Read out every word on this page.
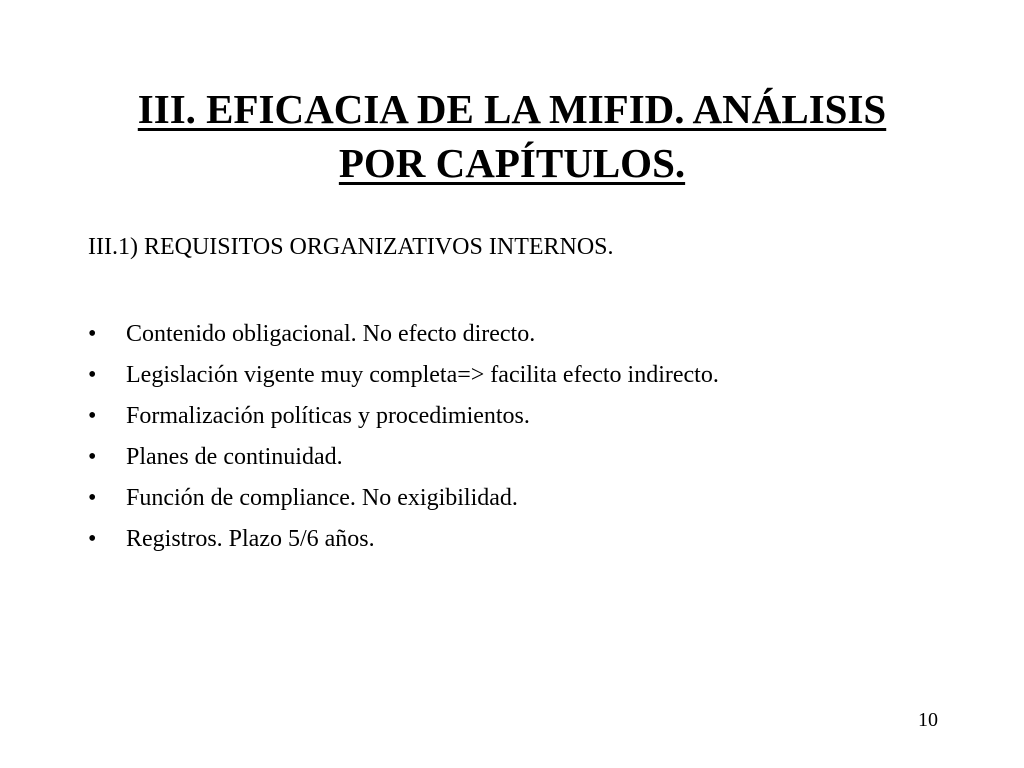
III. EFICACIA DE LA MIFID. ANÁLISIS
POR CAPÍTULOS.

III.1) REQUISITOS ORGANIZATIVOS INTERNOS.

• Contenido obligacional. No efecto directo.
• Legislación vigente muy completa=> facilita efecto indirecto.
• Formalización políticas y procedimientos.
• Planes de continuidad.
• Función de compliance. No exigibilidad.
• Registros. Plazo 5/6 años.
10
